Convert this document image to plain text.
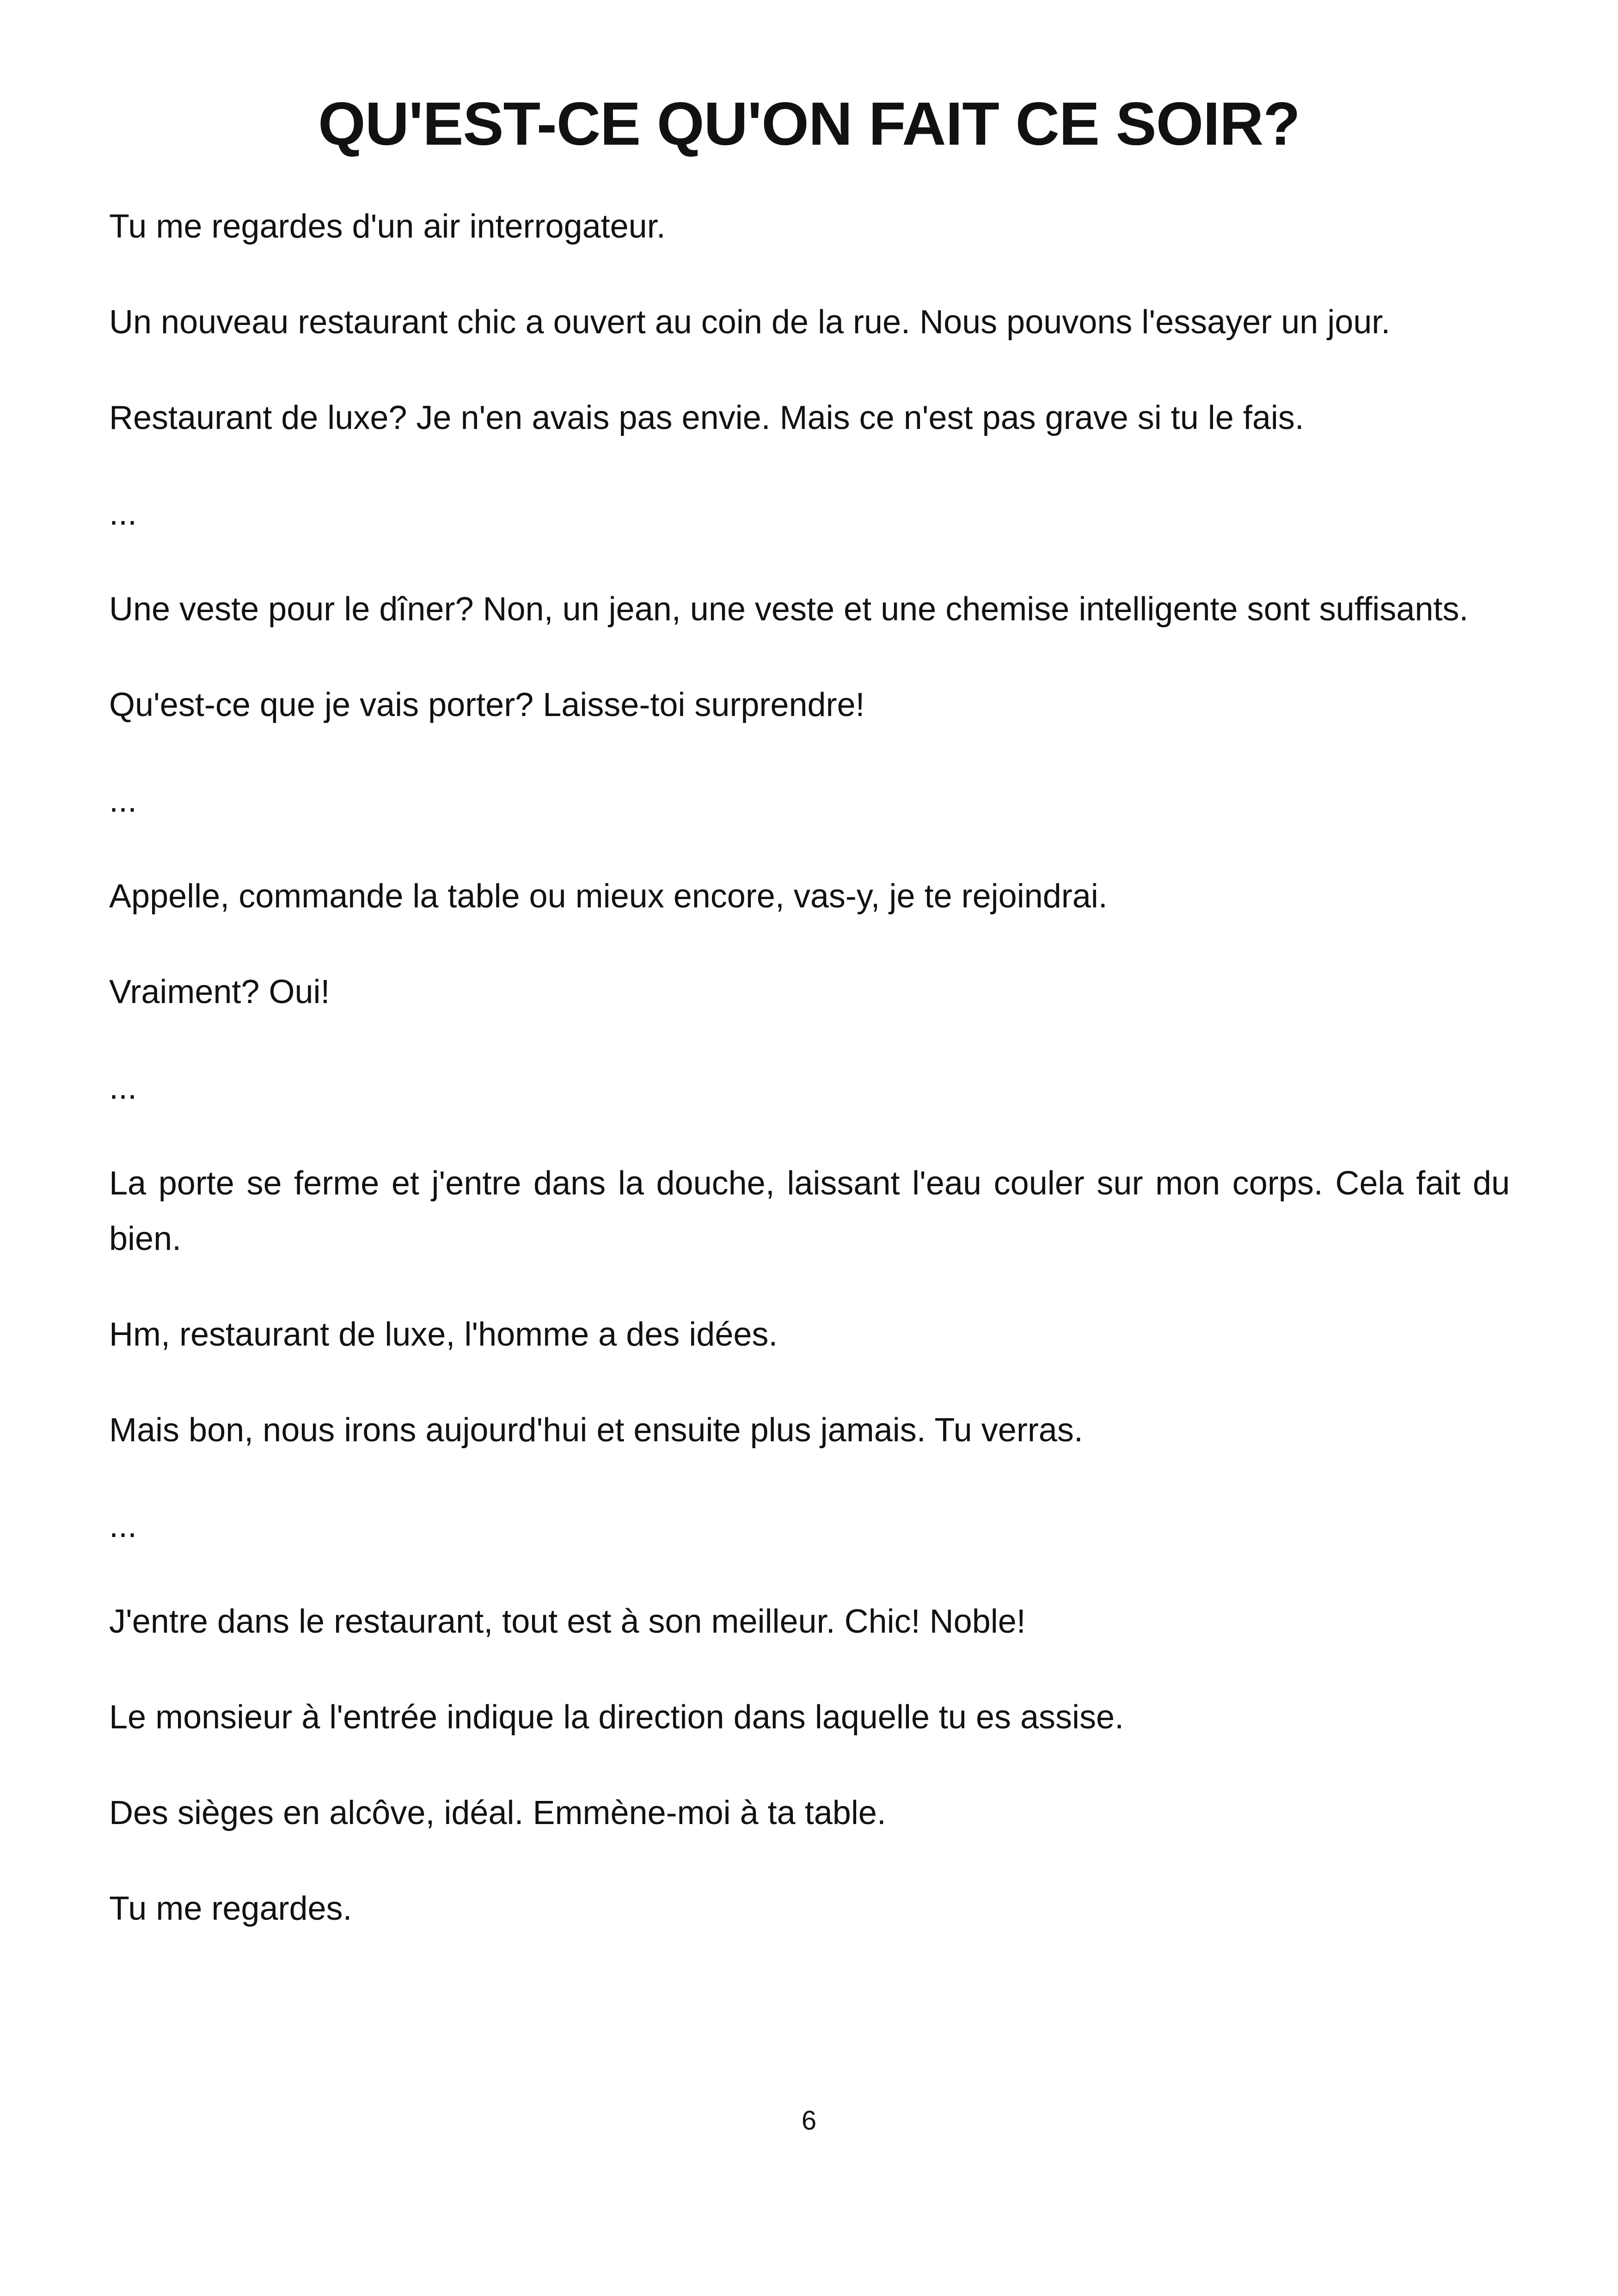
QU'EST-CE QU'ON FAIT CE SOIR?

Tu me regardes d'un air interrogateur.

Un nouveau restaurant chic a ouvert au coin de la rue. Nous pouvons l'essayer un jour.

Restaurant de luxe? Je n'en avais pas envie. Mais ce n'est pas grave si tu le fais.

...

Une veste pour le dîner? Non, un jean, une veste et une chemise intelligente sont suffisants.

Qu'est-ce que je vais porter? Laisse-toi surprendre!

...

Appelle, commande la table ou mieux encore, vas-y, je te rejoindrai.

Vraiment? Oui!

...

La porte se ferme et j'entre dans la douche, laissant l'eau couler sur mon corps. Cela fait du bien.

Hm, restaurant de luxe, l'homme a des idées.

Mais bon, nous irons aujourd'hui et ensuite plus jamais. Tu verras.

...

J'entre dans le restaurant, tout est à son meilleur. Chic! Noble!

Le monsieur à l'entrée indique la direction dans laquelle tu es assise.

Des sièges en alcôve, idéal. Emmène-moi à ta table.

Tu me regardes.

6
